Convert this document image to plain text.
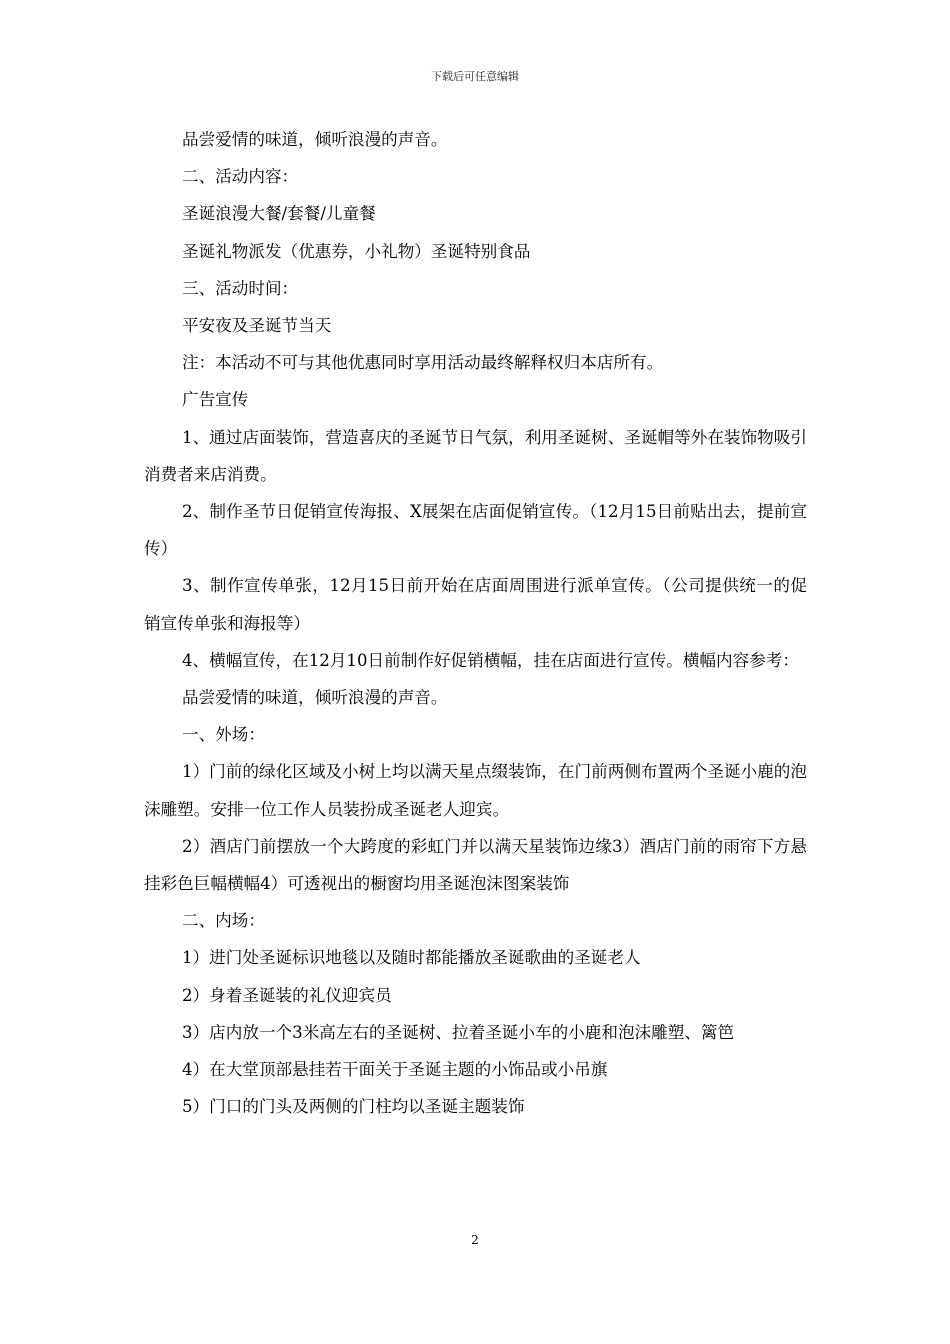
下载后可任意编辑

品尝爱情的味道，倾听浪漫的声音。

二、活动内容：

圣诞浪漫大餐/套餐/儿童餐

圣诞礼物派发（优惠券，小礼物）圣诞特别食品

三、活动时间：

平安夜及圣诞节当天

注：本活动不可与其他优惠同时享用活动最终解释权归本店所有。

广告宣传

1、通过店面装饰，营造喜庆的圣诞节日气氛，利用圣诞树、圣诞帽等外在装饰物吸引消费者来店消费。

2、制作圣节日促销宣传海报、X展架在店面促销宣传。（12月15日前贴出去，提前宣传）

3、制作宣传单张，12月15日前开始在店面周围进行派单宣传。（公司提供统一的促销宣传单张和海报等）

4、横幅宣传，在12月10日前制作好促销横幅，挂在店面进行宣传。横幅内容参考：

品尝爱情的味道，倾听浪漫的声音。

一、外场：

1）门前的绿化区域及小树上均以满天星点缀装饰，在门前两侧布置两个圣诞小鹿的泡沫雕塑。安排一位工作人员装扮成圣诞老人迎宾。

2）酒店门前摆放一个大跨度的彩虹门并以满天星装饰边缘3）酒店门前的雨帘下方悬挂彩色巨幅横幅4）可透视出的橱窗均用圣诞泡沫图案装饰

二、内场：

1）进门处圣诞标识地毯以及随时都能播放圣诞歌曲的圣诞老人

2）身着圣诞装的礼仪迎宾员

3）店内放一个3米高左右的圣诞树、拉着圣诞小车的小鹿和泡沫雕塑、篱笆

4）在大堂顶部悬挂若干面关于圣诞主题的小饰品或小吊旗

5）门口的门头及两侧的门柱均以圣诞主题装饰

2
